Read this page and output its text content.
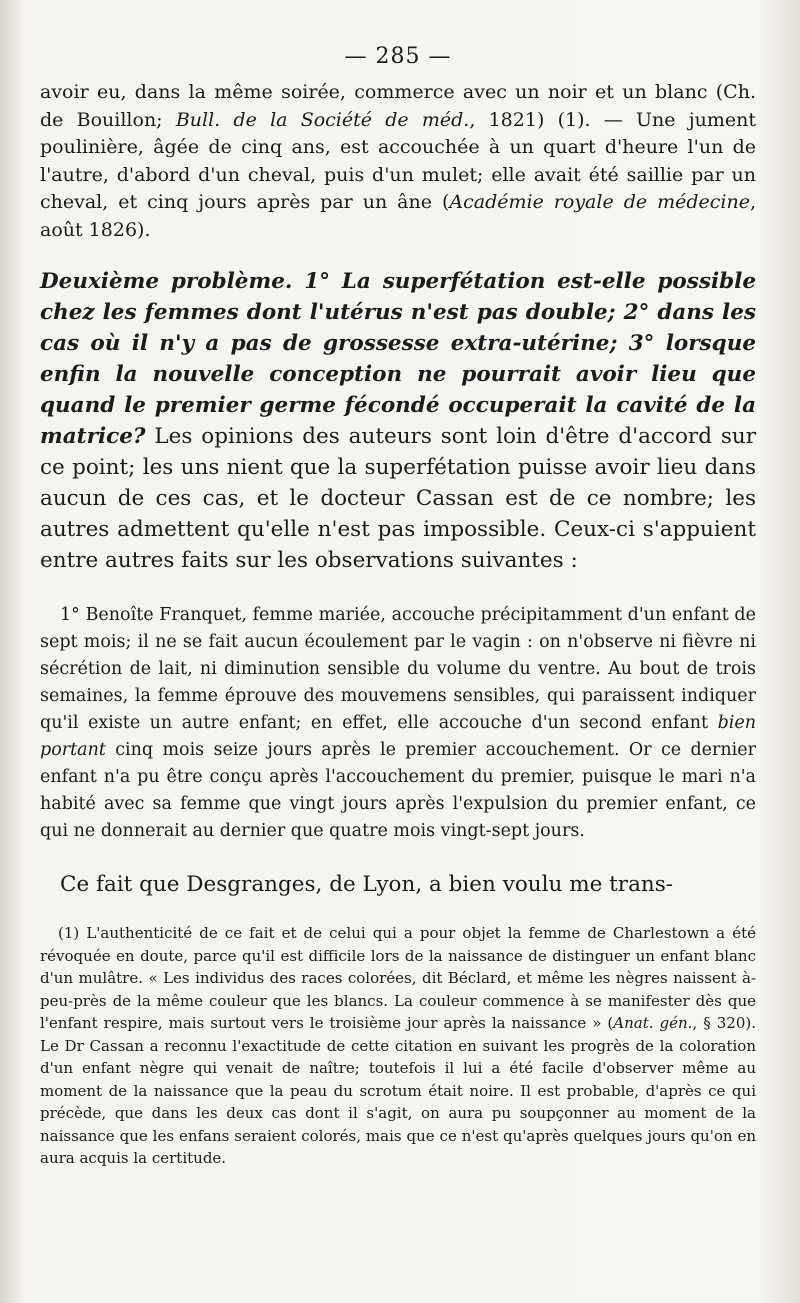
— 285 —

avoir eu, dans la même soirée, commerce avec un noir et un blanc (Ch. de Bouillon; Bull. de la Société de méd., 1821) (1). — Une jument poulinière, âgée de cinq ans, est accouchée à un quart d'heure l'un de l'autre, d'abord d'un cheval, puis d'un mulet; elle avait été saillie par un cheval, et cinq jours après par un âne (Académie royale de médecine, août 1826).

Deuxième problème. 1° La superfétation est-elle possible chez les femmes dont l'utérus n'est pas double; 2° dans les cas où il n'y a pas de grossesse extra-utérine; 3° lorsque enfin la nouvelle conception ne pourrait avoir lieu que quand le premier germe fécondé occuperait la cavité de la matrice? Les opinions des auteurs sont loin d'être d'accord sur ce point; les uns nient que la superfétation puisse avoir lieu dans aucun de ces cas, et le docteur Cassan est de ce nombre; les autres admettent qu'elle n'est pas impossible. Ceux-ci s'appuient entre autres faits sur les observations suivantes :

1° Benoîte Franquet, femme mariée, accouche précipitamment d'un enfant de sept mois; il ne se fait aucun écoulement par le vagin : on n'observe ni fièvre ni sécrétion de lait, ni diminution sensible du volume du ventre. Au bout de trois semaines, la femme éprouve des mouvemens sensibles, qui paraissent indiquer qu'il existe un autre enfant; en effet, elle accouche d'un second enfant bien portant cinq mois seize jours après le premier accouchement. Or ce dernier enfant n'a pu être conçu après l'accouchement du premier, puisque le mari n'a habité avec sa femme que vingt jours après l'expulsion du premier enfant, ce qui ne donnerait au dernier que quatre mois vingt-sept jours.

Ce fait que Desgranges, de Lyon, a bien voulu me trans-

(1) L'authenticité de ce fait et de celui qui a pour objet la femme de Charlestown a été révoquée en doute, parce qu'il est difficile lors de la naissance de distinguer un enfant blanc d'un mulâtre. « Les individus des races colorées, dit Béclard, et même les nègres naissent à-peu-près de la même couleur que les blancs. La couleur commence à se manifester dès que l'enfant respire, mais surtout vers le troisième jour après la naissance » (Anat. gén., § 320). Le Dr Cassan a reconnu l'exactitude de cette citation en suivant les progrès de la coloration d'un enfant nègre qui venait de naître; toutefois il lui a été facile d'observer même au moment de la naissance que la peau du scrotum était noire. Il est probable, d'après ce qui précède, que dans les deux cas dont il s'agit, on aura pu soupçonner au moment de la naissance que les enfans seraient colorés, mais que ce n'est qu'après quelques jours qu'on en aura acquis la certitude.
